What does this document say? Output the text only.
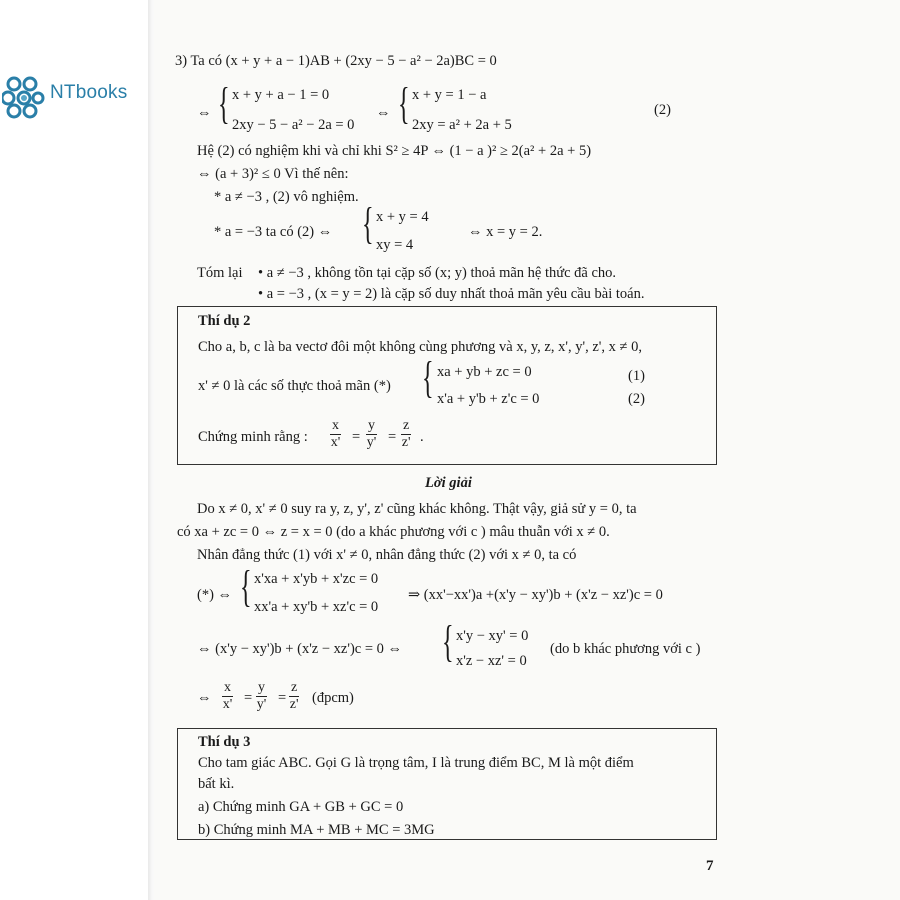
NTbooks
3) Ta có (x + y + a − 1)AB + (2xy − 5 − a² − 2a)BC = 0
⇔ { x + y + a − 1 = 0
2xy − 5 − a² − 2a = 0
⇔ { x + y = 1 − a
2xy = a² + 2a + 5
(2)
Hệ (2) có nghiệm khi và chỉ khi S² ≥ 4P ⇔ (1 − a )² ≥ 2(a² + 2a + 5)
⇔ (a + 3)² ≤ 0 Vì thế nên:
* a ≠ −3 , (2) vô nghiệm.
* a = −3 ta có (2) ⇔ { x + y = 4
xy = 4
⇔ x = y = 2.
Tóm lại • a ≠ −3 , không tồn tại cặp số (x; y) thoả mãn hệ thức đã cho.
• a = −3 , (x = y = 2) là cặp số duy nhất thoả mãn yêu cầu bài toán.
Thí dụ 2
Cho a, b, c là ba vectơ đôi một không cùng phương và x, y, z, x', y', z', x ≠ 0,
x' ≠ 0 là các số thực thoả mãn (*) { xa + yb + zc = 0
x'a + y'b + z'c = 0
(1)
(2)
Chứng minh rằng : $\frac{x}{x'} = \frac{y}{y'} = \frac{z}{z'}$ .
Lời giải
Do x ≠ 0, x' ≠ 0 suy ra y, z, y', z' cũng khác không. Thật vậy, giả sử y = 0, ta
có xa + zc = 0 ⇔ z = x = 0 (do a khác phương với c ) mâu thuẫn với x ≠ 0.
Nhân đẳng thức (1) với x' ≠ 0, nhân đẳng thức (2) với x ≠ 0, ta có
(*) ⇔ { x'xa + x'yb + x'zc = 0
xx'a + xy'b + xz'c = 0
⇒ (xx'−xx')a +(x'y − xy')b + (x'z − xz')c = 0
⇔ (x'y − xy')b + (x'z − xz')c = 0 ⇔ { x'y − xy' = 0
x'z − xz' = 0
(do b khác phương với c )
⇔ $\frac{x}{x'} = \frac{y}{y'} = \frac{z}{z'}$ (đpcm)
Thí dụ 3
Cho tam giác ABC. Gọi G là trọng tâm, I là trung điểm BC, M là một điểm
bất kì.
a) Chứng minh GA + GB + GC = 0
b) Chứng minh MA + MB + MC = 3MG
7
